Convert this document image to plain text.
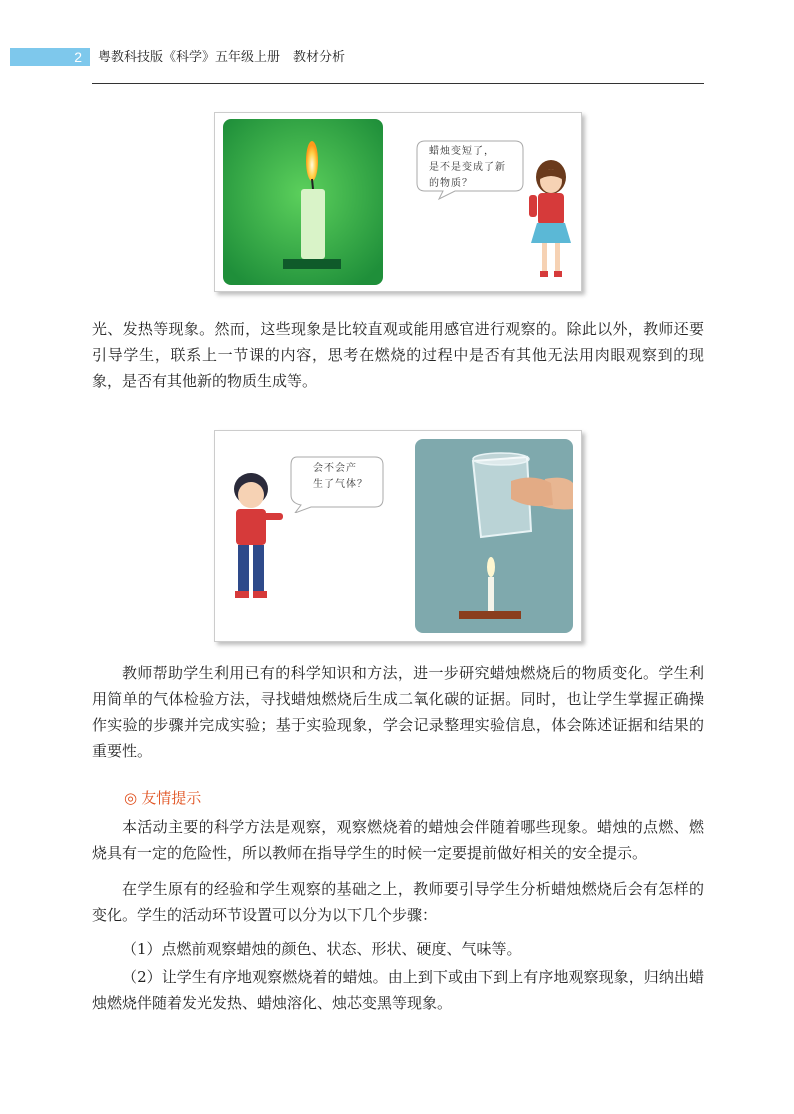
2	粤教科技版《科学》五年级上册　教材分析
蜡烛变短了，
是不是变成了新
的物质？

光、发热等现象。然而，这些现象是比较直观或能用感官进行观察的。除此以外，教师还要引导学生，联系上一节课的内容，思考在燃烧的过程中是否有其他无法用肉眼观察到的现象，是否有其他新的物质生成等。

会不会产
生了气体？

教师帮助学生利用已有的科学知识和方法，进一步研究蜡烛燃烧后的物质变化。学生利用简单的气体检验方法，寻找蜡烛燃烧后生成二氧化碳的证据。同时，也让学生掌握正确操作实验的步骤并完成实验；基于实验现象，学会记录整理实验信息，体会陈述证据和结果的重要性。

◎ 友情提示

本活动主要的科学方法是观察，观察燃烧着的蜡烛会伴随着哪些现象。蜡烛的点燃、燃烧具有一定的危险性，所以教师在指导学生的时候一定要提前做好相关的安全提示。

在学生原有的经验和学生观察的基础之上，教师要引导学生分析蜡烛燃烧后会有怎样的变化。学生的活动环节设置可以分为以下几个步骤：

（1）点燃前观察蜡烛的颜色、状态、形状、硬度、气味等。

（2）让学生有序地观察燃烧着的蜡烛。由上到下或由下到上有序地观察现象，归纳出蜡烛燃烧伴随着发光发热、蜡烛溶化、烛芯变黑等现象。
